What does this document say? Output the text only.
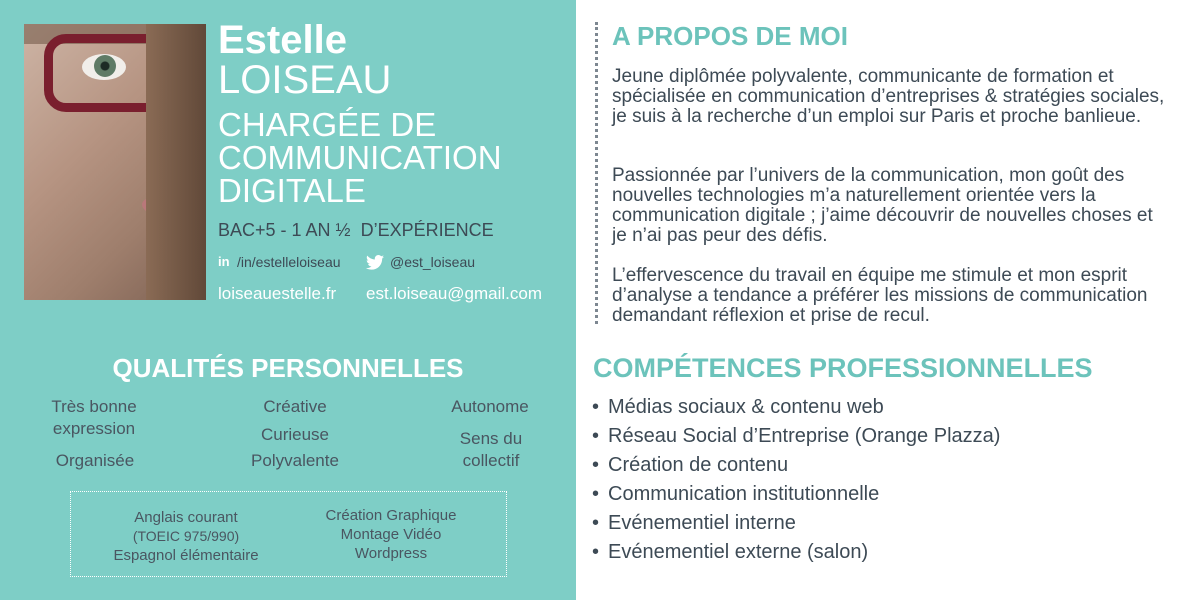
Estelle
LOISEAU
CHARGÉE DE
COMMUNICATION
DIGITALE
BAC+5 - 1 AN ½  D’EXPÉRIENCE
in /in/estelleloiseau	@est_loiseau
loiseauestelle.fr est.loiseau@gmail.com
QUALITÉS PERSONNELLES
Très bonne expression
Organisée
Créative
Curieuse
Polyvalente
Autonome
Sens du collectif
Anglais courant
(TOEIC 975/990)
Espagnol élémentaire
Création Graphique
Montage Vidéo
Wordpress
A PROPOS DE MOI
Jeune diplômée polyvalente, communicante de formation et spécialisée en communication d’entreprises & stratégies sociales, je suis à la recherche d’un emploi sur Paris et proche banlieue.
Passionnée par l’univers de la communication, mon goût des nouvelles technologies m’a naturellement orientée vers la communication digitale ; j’aime découvrir de nouvelles choses et je n’ai pas peur des défis.
L’effervescence du travail en équipe me stimule et mon esprit d’analyse a tendance a préférer les missions de communication demandant réflexion et prise de recul.
COMPÉTENCES PROFESSIONNELLES
• Médias sociaux & contenu web
• Réseau Social d’Entreprise (Orange Plazza)
• Création de contenu
• Communication institutionnelle
• Evénementiel interne
• Evénementiel externe (salon)
